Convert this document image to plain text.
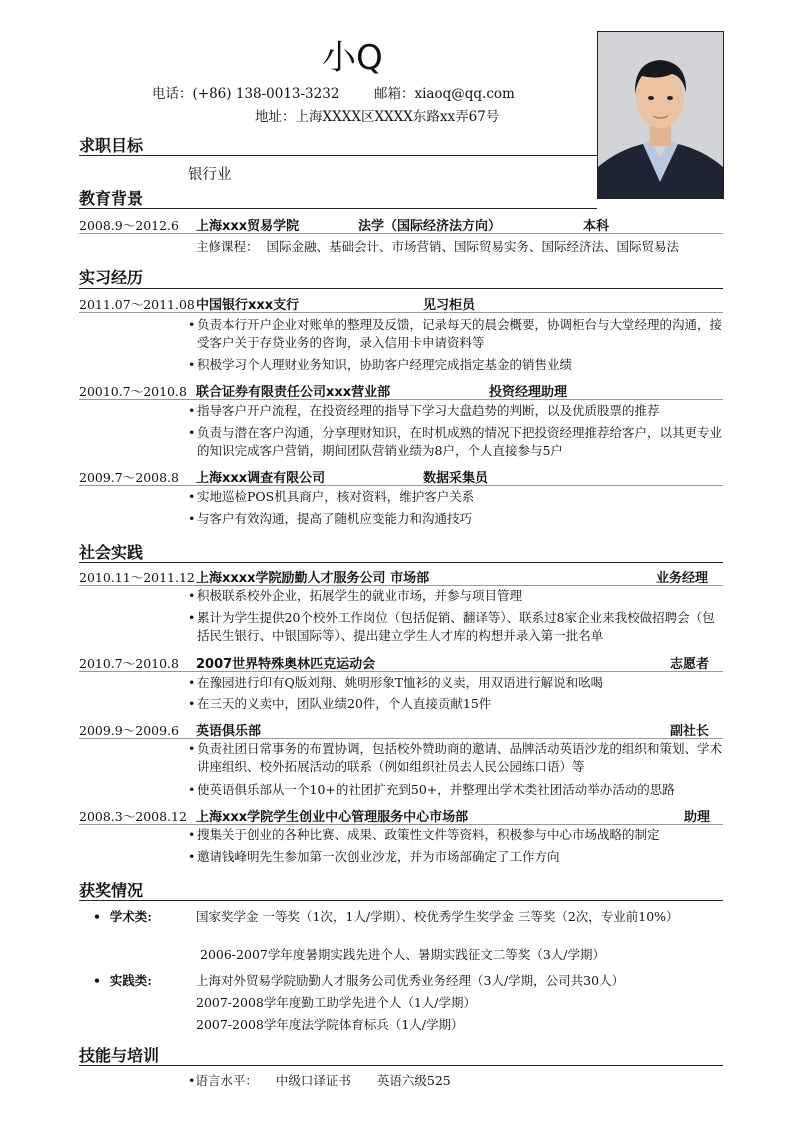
小Q
电话：(+86) 138-0013-3232	邮箱：xiaoq@qq.com
地址：上海XXXX区XXXX东路xx弄67号
求职目标
银行业
教育背景
2008.9～2012.6 上海xxx贸易学院	法学（国际经济法方向）	本科
主修课程： 国际金融、基础会计、市场营销、国际贸易实务、国际经济法、国际贸易法
实习经历
2011.07～2011.08 中国银行xxx支行	见习柜员
• 负责本行开户企业对账单的整理及反馈，记录每天的晨会概要，协调柜台与大堂经理的沟通，接受客户关于存贷业务的咨询，录入信用卡申请资料等
• 积极学习个人理财业务知识，协助客户经理完成指定基金的销售业绩
20010.7～2010.8 联合证券有限责任公司xxx营业部	投资经理助理
• 指导客户开户流程，在投资经理的指导下学习大盘趋势的判断，以及优质股票的推荐
• 负责与潜在客户沟通，分享理财知识，在时机成熟的情况下把投资经理推荐给客户，以其更专业的知识完成客户营销，期间团队营销业绩为8户，个人直接参与5户
2009.7～2008.8 上海xxx调查有限公司	数据采集员
• 实地巡检POS机具商户，核对资料，维护客户关系
• 与客户有效沟通，提高了随机应变能力和沟通技巧
社会实践
2010.11～2011.12 上海xxxx学院励勤人才服务公司 市场部	业务经理
• 积极联系校外企业，拓展学生的就业市场，并参与项目管理
• 累计为学生提供20个校外工作岗位（包括促销、翻译等）、联系过8家企业来我校做招聘会（包括民生银行、中银国际等）、提出建立学生人才库的构想并录入第一批名单
2010.7～2010.8 2007世界特殊奥林匹克运动会	志愿者
• 在豫园进行印有Q版刘翔、姚明形象T恤衫的义卖，用双语进行解说和吆喝
• 在三天的义卖中，团队业绩20件，个人直接贡献15件
2009.9～2009.6 英语俱乐部	副社长
• 负责社团日常事务的布置协调，包括校外赞助商的邀请、品牌活动英语沙龙的组织和策划、学术讲座组织、校外拓展活动的联系（例如组织社员去人民公园练口语）等
• 使英语俱乐部从一个10+的社团扩充到50+，并整理出学术类社团活动举办活动的思路
2008.3～2008.12 上海xxx学院学生创业中心管理服务中心市场部	助理
• 搜集关于创业的各种比赛、成果、政策性文件等资料，积极参与中心市场战略的制定
• 邀请钱峰明先生参加第一次创业沙龙，并为市场部确定了工作方向
获奖情况
• 学术类:	国家奖学金 一等奖（1次，1人/学期）、校优秀学生奖学金 三等奖（2次，专业前10%）
2006-2007学年度暑期实践先进个人、暑期实践征文二等奖（3人/学期）
• 实践类:	上海对外贸易学院励勤人才服务公司优秀业务经理（3人/学期，公司共30人）
2007-2008学年度勤工助学先进个人（1人/学期）
2007-2008学年度法学院体育标兵（1人/学期）
技能与培训
•语言水平： 中级口译证书 英语六级525
